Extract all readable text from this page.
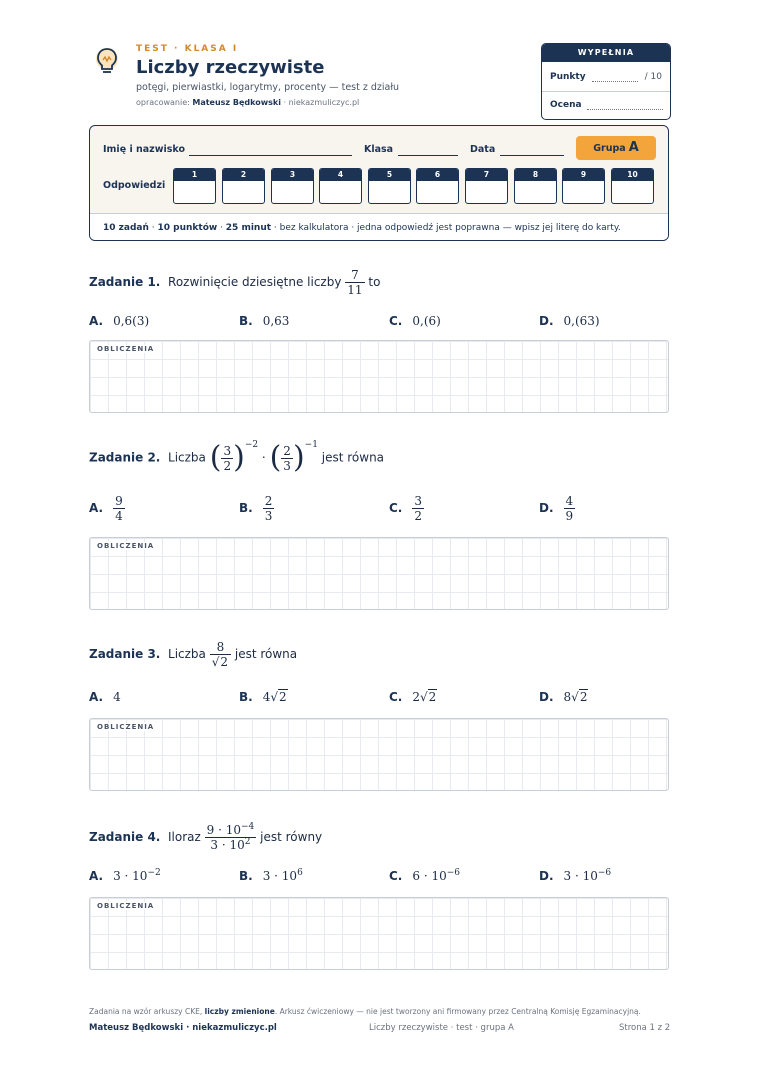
TEST · KLASA I
Liczby rzeczywiste
potęgi, pierwiastki, logarytmy, procenty — test z działu
opracowanie: Mateusz Będkowski · niekazmuliczyc.pl
WYPEŁNIA NAUCZYCIEL
Punkty	/ 10
Ocena
Imię i nazwisko	Klasa	Data	Grupa A
Odpowiedzi
1	2	3	4	5	6	7	8	9	10
10 zadań · 10 punktów · 25 minut · bez kalkulatora · jedna odpowiedź jest poprawna — wpisz jej literę do karty.
Zadanie 1. Rozwinięcie dziesiętne liczby $\frac{7}{11}$ to
A. 0,6(3)	B. 0,63	C. 0,(6)	D. 0,(63)
OBLICZENIA
Zadanie 2. Liczba ( $\frac{3}{2} )^{-2}$ · ( $\frac{2}{3} )^{-1}$ jest równa
A. $\frac{9}{4}$	B. $\frac{2}{3}$	C. $\frac{3}{2}$	D. $\frac{4}{9}$
OBLICZENIA
Zadanie 3. Liczba $\frac{8}{√2}$ jest równa
A. 4	B. 4√2	C. 2√2	D. 8√2
OBLICZENIA
Zadanie 4. Iloraz $\frac{9 \cdot 10^{-4}}{3 \cdot 10^2}$ jest równy
A. $3 \cdot 10^{-2}$	B. $3 \cdot 10^6$	C. $6 \cdot 10^{-6}$	D. $3 \cdot 10^{-6}$
OBLICZENIA
Zadania na wzór arkuszy CKE, liczby zmienione. Arkusz ćwiczeniowy — nie jest tworzony ani firmowany przez Centralną Komisję Egzaminacyjną.
Mateusz Będkowski · niekazmuliczyc.pl	Liczby rzeczywiste · test · grupa A	Strona 1 z 2
